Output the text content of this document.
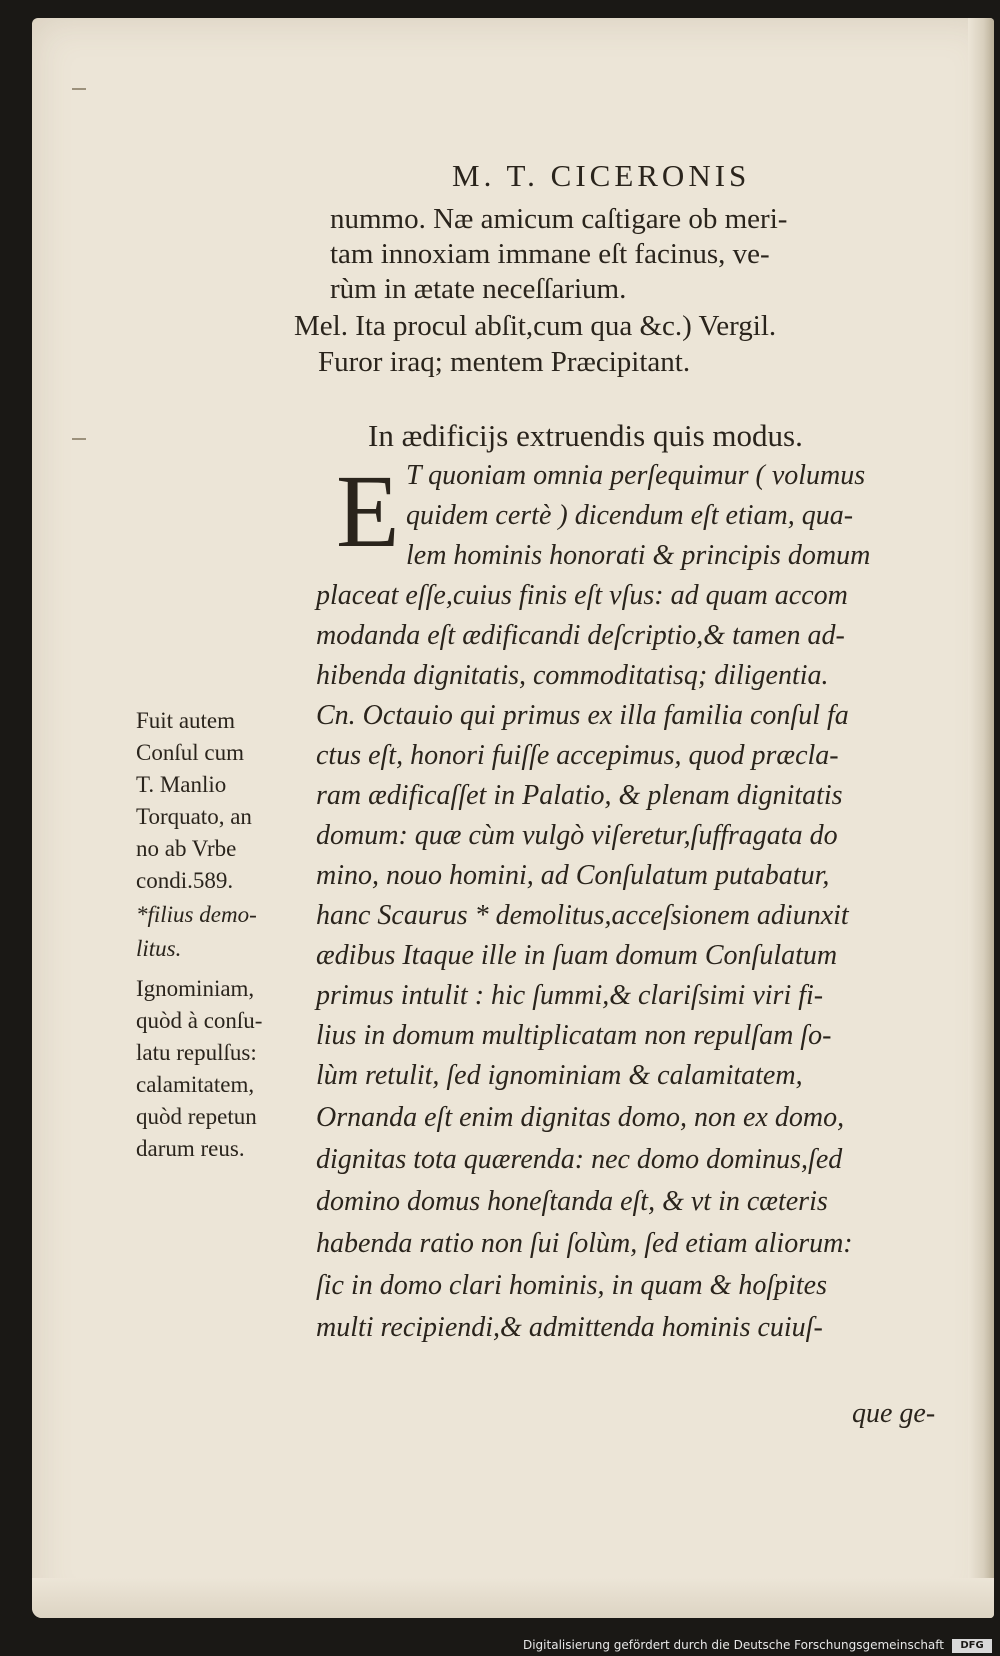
M. T. CICERONIS
nummo. Næ amicum caſtigare ob meri-
tam innoxiam immane eſt facinus, ve-
rùm in ætate neceſſarium.
Mel. Ita procul abſit,cum qua &c.) Vergil.
Furor iraq; mentem Præcipitant.
In ædificijs extruendis quis modus.
E T quoniam omnia perſequimur ( volumus
quidem certè ) dicendum eſt etiam, qua-
lem hominis honorati & principis domum
placeat eſſe,cuius finis eſt vſus: ad quam accom
modanda eſt ædificandi deſcriptio,& tamen ad-
hibenda dignitatis, commoditatisq; diligentia.
Cn. Octauio qui primus ex illa familia conſul fa
ctus eſt, honori fuiſſe accepimus, quod præcla-
ram ædificaſſet in Palatio, & plenam dignitatis
domum: quæ cùm vulgò viſeretur,ſuffragata do
mino, nouo homini, ad Conſulatum putabatur,
hanc Scaurus * demolitus,acceſsionem adiunxit
ædibus Itaque ille in ſuam domum Conſulatum
primus intulit : hic ſummi,& clariſsimi viri fi-
lius in domum multiplicatam non repulſam ſo-
lùm retulit, ſed ignominiam & calamitatem,
Ornanda eſt enim dignitas domo, non ex domo,
dignitas tota quærenda: nec domo dominus,ſed
domino domus honeſtanda eſt, & vt in cæteris
habenda ratio non ſui ſolùm, ſed etiam aliorum:
ſic in domo clari hominis, in quam & hoſpites
multi recipiendi,& admittenda hominis cuiuſ-
que ge-
Fuit autem
Conſul cum
T. Manlio
Torquato, an
no ab Vrbe
condi.589.
*filius demo-
litus.
Ignominiam,
quòd à conſu-
latu repulſus:
calamitatem,
quòd repetun
darum reus.
Digitalisierung gefördert durch die Deutsche Forschungsgemeinschaft	DFG
